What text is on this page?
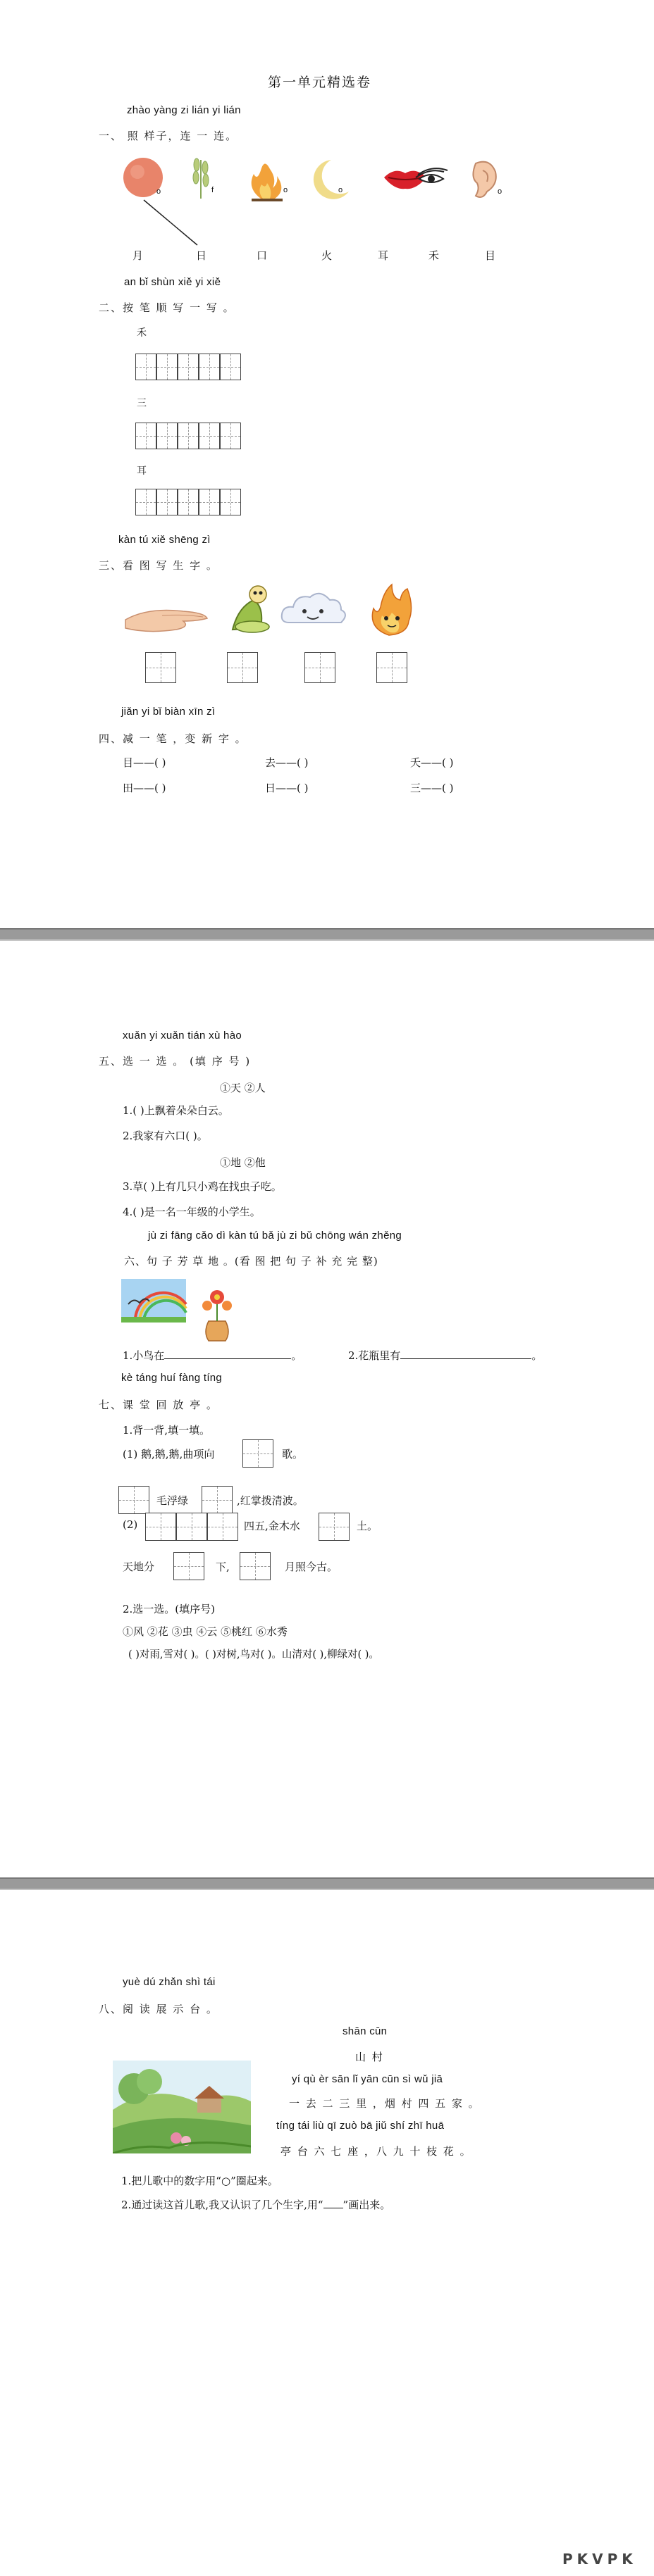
第一单元精选卷
zhào yàng zi lián yi lián
一、 照 样子，连 一 连。
o	f	o	o	o
月	日	口	火	耳	禾	目
an bǐ shùn xiě yi xiě
二、按 笔 顺 写 一 写 。
禾
三
耳
kàn tú xiě shēng zì
三、看 图 写 生 字 。
jiǎn yi bǐ biàn xīn zì
四、减 一 笔 ，变 新 字 。
目——( )	去——( )	夭——( )
田——( )	日——( )	三——( )
xuǎn yi xuǎn tián xù hào
五、选 一 选 。 (填 序 号 )
①天 ②人
1.( )上飘着朵朵白云。
2.我家有六口( )。
①地 ②他
3.草( )上有几只小鸡在找虫子吃。
4.( )是一名一年级的小学生。
jù zi fāng cǎo dì kàn tú bǎ jù zi bǔ chōng wán zhěng
六、句 子 芳 草 地 。(看 图 把 句 子 补 充 完 整)
1.小鸟在	。	2.花瓶里有	。
kè táng huí fàng tíng
七、课 堂 回 放 亭 。
1.背一背,填一填。
(1) 鹅,鹅,鹅,曲项向	歌。
毛浮绿	,红掌拨清波。
(2)	四五,金木水	土。
天地分	下,	月照今古。
2.选一选。(填序号)
①风 ②花 ③虫 ④云 ⑤桃红 ⑥水秀
( )对雨,雪对( )。( )对树,鸟对( )。山清对( ),柳绿对( )。
yuè dú zhǎn shì tái
八、阅 读 展 示 台 。
shān cūn
山 村
yí qù èr sān lǐ yān cūn sì wǔ jiā
一 去 二 三 里 ，烟 村 四 五 家 。
tíng tái liù qī zuò bā jiǔ shí zhī huā
亭 台 六 七 座 ，八 九 十 枝 花 。
1.把儿歌中的数字用“○”圈起来。
2.通过读这首儿歌,我又认识了几个生字,用“ ”画出来。
PKVPK
